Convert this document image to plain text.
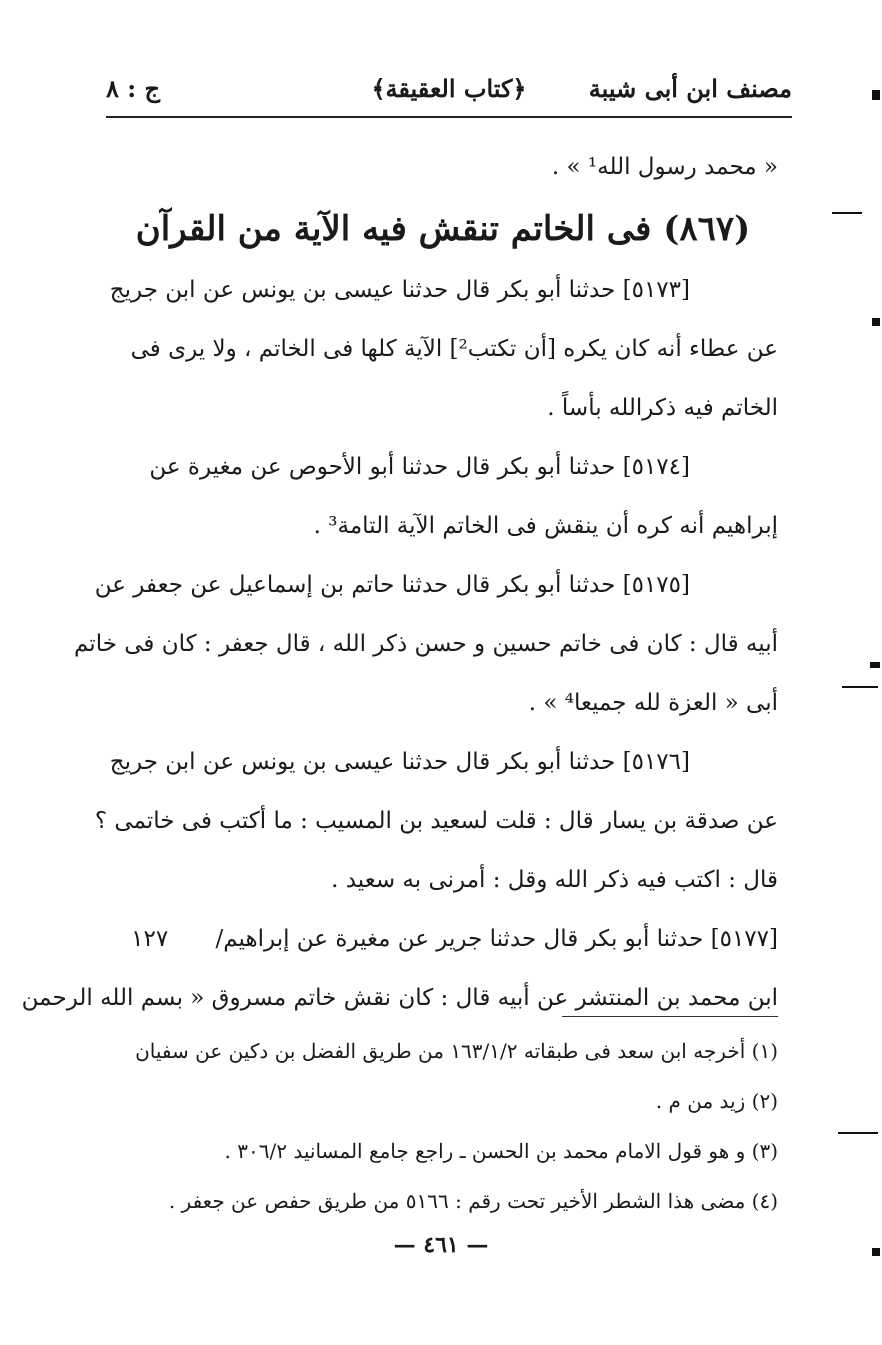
مصنف ابن أبى شيبة
﴿كتاب العقيقة﴾
ج : ٨
« محمد رسول الله¹ » .
(٨٦٧) فى الخاتم تنقش فيه الآية من القرآن
[٥١٧٣] حدثنا أبو بكر قال حدثنا عيسى بن يونس عن ابن جريج
عن عطاء أنه كان يكره [أن تكتب²] الآية كلها فى الخاتم ، ولا يرى فى
الخاتم فيه ذكرالله بأساً .
[٥١٧٤] حدثنا أبو بكر قال حدثنا أبو الأحوص عن مغيرة عن
إبراهيم أنه كره أن ينقش فى الخاتم الآية التامة³ .
[٥١٧٥] حدثنا أبو بكر قال حدثنا حاتم بن إسماعيل عن جعفر عن
أبيه قال : كان فى خاتم حسين و حسن ذكر الله ، قال جعفر : كان فى خاتم
أبى « العزة لله جميعا⁴ » .
[٥١٧٦] حدثنا أبو بكر قال حدثنا عيسى بن يونس عن ابن جريج
عن صدقة بن يسار قال : قلت لسعيد بن المسيب : ما أكتب فى خاتمى ؟
قال : اكتب فيه ذكر الله وقل : أمرنى به سعيد .
[٥١٧٧] حدثنا أبو بكر قال حدثنا جرير عن مغيرة عن إبراهيم/ ١٢٧
ابن محمد بن المنتشر عن أبيه قال : كان نقش خاتم مسروق « بسم الله الرحمن
(١) أخرجه ابن سعد فى طبقاته ١٦٣/١/٢ من طريق الفضل بن دكين عن سفيان
(٢) زيد من م .
(٣) و هو قول الامام محمد بن الحسن ـ راجع جامع المسانيد ٣٠٦/٢ .
(٤) مضى هذا الشطر الأخير تحت رقم : ٥١٦٦ من طريق حفص عن جعفر .
— ٤٦١ —
